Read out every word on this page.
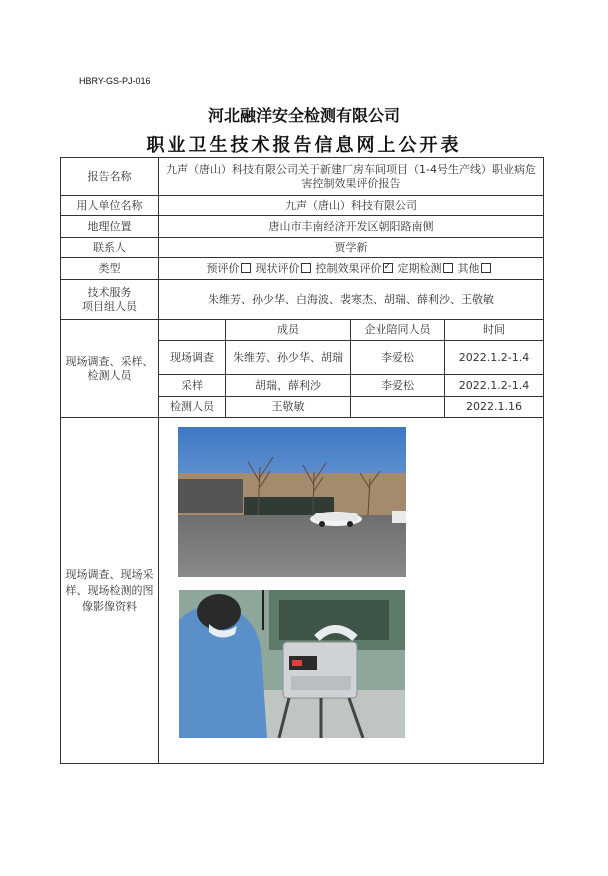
HBRY-GS-PJ-016
河北融洋安全检测有限公司
职业卫生技术报告信息网上公开表
报告名称	九声（唐山）科技有限公司关于新建厂房车间项目（1-4号生产线）职业病危害控制效果评价报告			
用人单位名称	九声（唐山）科技有限公司			
地理位置	唐山市丰南经济开发区朝阳路南侧			
联系人	贾学新			
类型	预评价 现状评价 控制效果评价 ✓ 定期检测 其他
技术服务
项目组人员	朱维芳、孙少华、白海波、裴寒杰、胡瑞、薛利沙、王敬敏			
现场调查、采样、检测人员		成员	企业陪同人员	时间
	现场调查	朱维芳、孙少华、胡瑞	李爱松	2022.1.2-1.4
	采样	胡瑞、薛利沙	李爱松	2022.1.2-1.4
	检测人员	王敬敏		2022.1.16
现场调查、现场采样、现场检测的图像影像资料				
